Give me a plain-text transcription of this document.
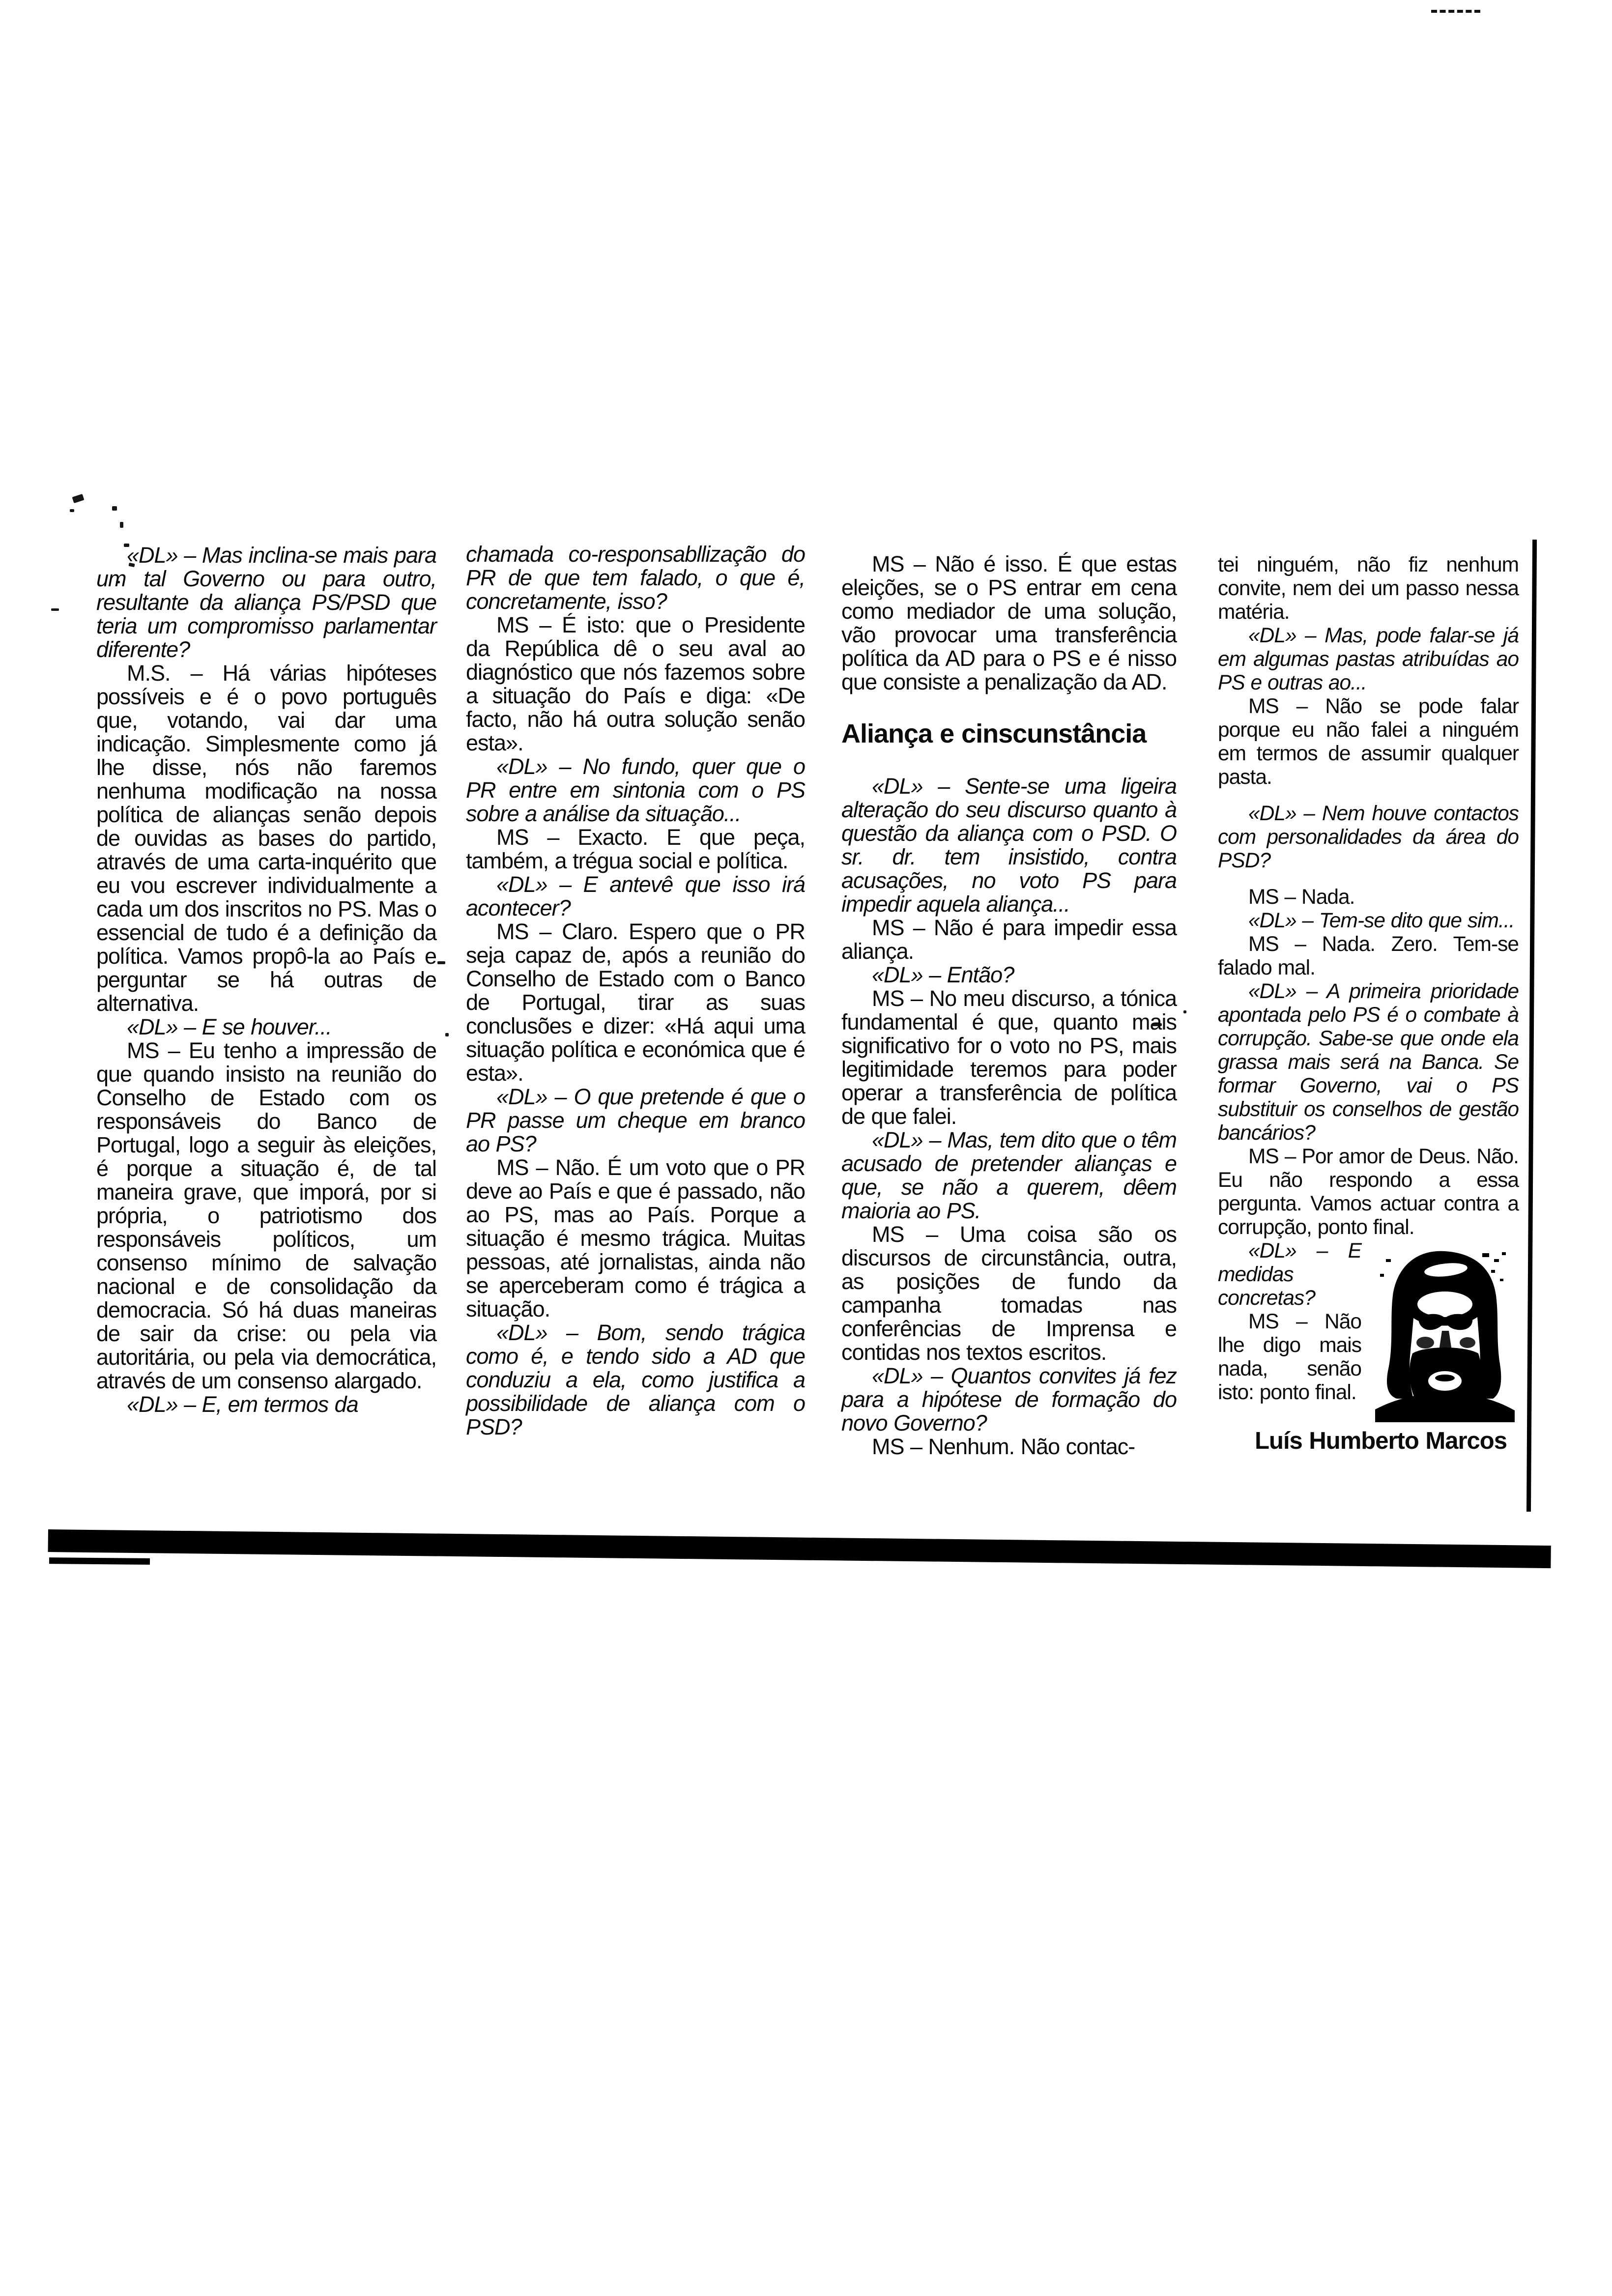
«DL» – Mas inclina-se mais para um tal Governo ou para outro, resultante da aliança PS/PSD que teria um compromisso parlamentar diferente?

M.S. – Há várias hipóteses possíveis e é o povo português que, votando, vai dar uma indicação. Simplesmente como já lhe disse, nós não faremos nenhuma modificação na nossa política de alianças senão depois de ouvidas as bases do partido, através de uma carta-inquérito que eu vou escrever individualmente a cada um dos inscritos no PS. Mas o essencial de tudo é a definição da política. Vamos propô-la ao País e perguntar se há outras de alternativa.

«DL» – E se houver...

MS – Eu tenho a impressão de que quando insisto na reunião do Conselho de Estado com os responsáveis do Banco de Portugal, logo a seguir às eleições, é porque a situação é, de tal maneira grave, que imporá, por si própria, o patriotismo dos responsáveis políticos, um consenso mínimo de salvação nacional e de consolidação da democracia. Só há duas maneiras de sair da crise: ou pela via autoritária, ou pela via democrática, através de um consenso alargado.

«DL» – E, em termos da

chamada co-responsabllização do PR de que tem falado, o que é, concretamente, isso?

MS – É isto: que o Presidente da República dê o seu aval ao diagnóstico que nós fazemos sobre a situação do País e diga: «De facto, não há outra solução senão esta».

«DL» – No fundo, quer que o PR entre em sintonia com o PS sobre a análise da situação...

MS – Exacto. E que peça, também, a trégua social e política.

«DL» – E antevê que isso irá acontecer?

MS – Claro. Espero que o PR seja capaz de, após a reunião do Conselho de Estado com o Banco de Portugal, tirar as suas conclusões e dizer: «Há aqui uma situação política e económica que é esta».

«DL» – O que pretende é que o PR passe um cheque em branco ao PS?

MS – Não. É um voto que o PR deve ao País e que é passado, não ao PS, mas ao País. Porque a situação é mesmo trágica. Muitas pessoas, até jornalistas, ainda não se aperceberam como é trágica a situação.

«DL» – Bom, sendo trágica como é, e tendo sido a AD que conduziu a ela, como justifica a possibilidade de aliança com o PSD?

MS – Não é isso. É que estas eleições, se o PS entrar em cena como mediador de uma solução, vão provocar uma transferência política da AD para o PS e é nisso que consiste a penalização da AD.

Aliança e cinscunstância

«DL» – Sente-se uma ligeira alteração do seu discurso quanto à questão da aliança com o PSD. O sr. dr. tem insistido, contra acusações, no voto PS para impedir aquela aliança...

MS – Não é para impedir essa aliança.

«DL» – Então?

MS – No meu discurso, a tónica fundamental é que, quanto mais significativo for o voto no PS, mais legitimidade teremos para poder operar a transferência de política de que falei.

«DL» – Mas, tem dito que o têm acusado de pretender alianças e que, se não a querem, dêem maioria ao PS.

MS – Uma coisa são os discursos de circunstância, outra, as posições de fundo da campanha tomadas nas conferências de Imprensa e contidas nos textos escritos.

«DL» – Quantos convites já fez para a hipótese de formação do novo Governo?

MS – Nenhum. Não contac-

tei ninguém, não fiz nenhum convite, nem dei um passo nessa matéria.

«DL» – Mas, pode falar-se já em algumas pastas atribuídas ao PS e outras ao...

MS – Não se pode falar porque eu não falei a ninguém em termos de assumir qualquer pasta.

«DL» – Nem houve contactos com personalidades da área do PSD?

MS – Nada.

«DL» – Tem-se dito que sim...

MS – Nada. Zero. Tem-se falado mal.

«DL» – A primeira prioridade apontada pelo PS é o combate à corrupção. Sabe-se que onde ela grassa mais será na Banca. Se formar Governo, vai o PS substituir os conselhos de gestão bancários?

MS – Por amor de Deus. Não. Eu não respondo a essa pergunta. Vamos actuar contra a corrupção, ponto final.

«DL» – E medidas concretas?

MS – Não lhe digo mais nada, senão isto: ponto final.

Luís Humberto Marcos
